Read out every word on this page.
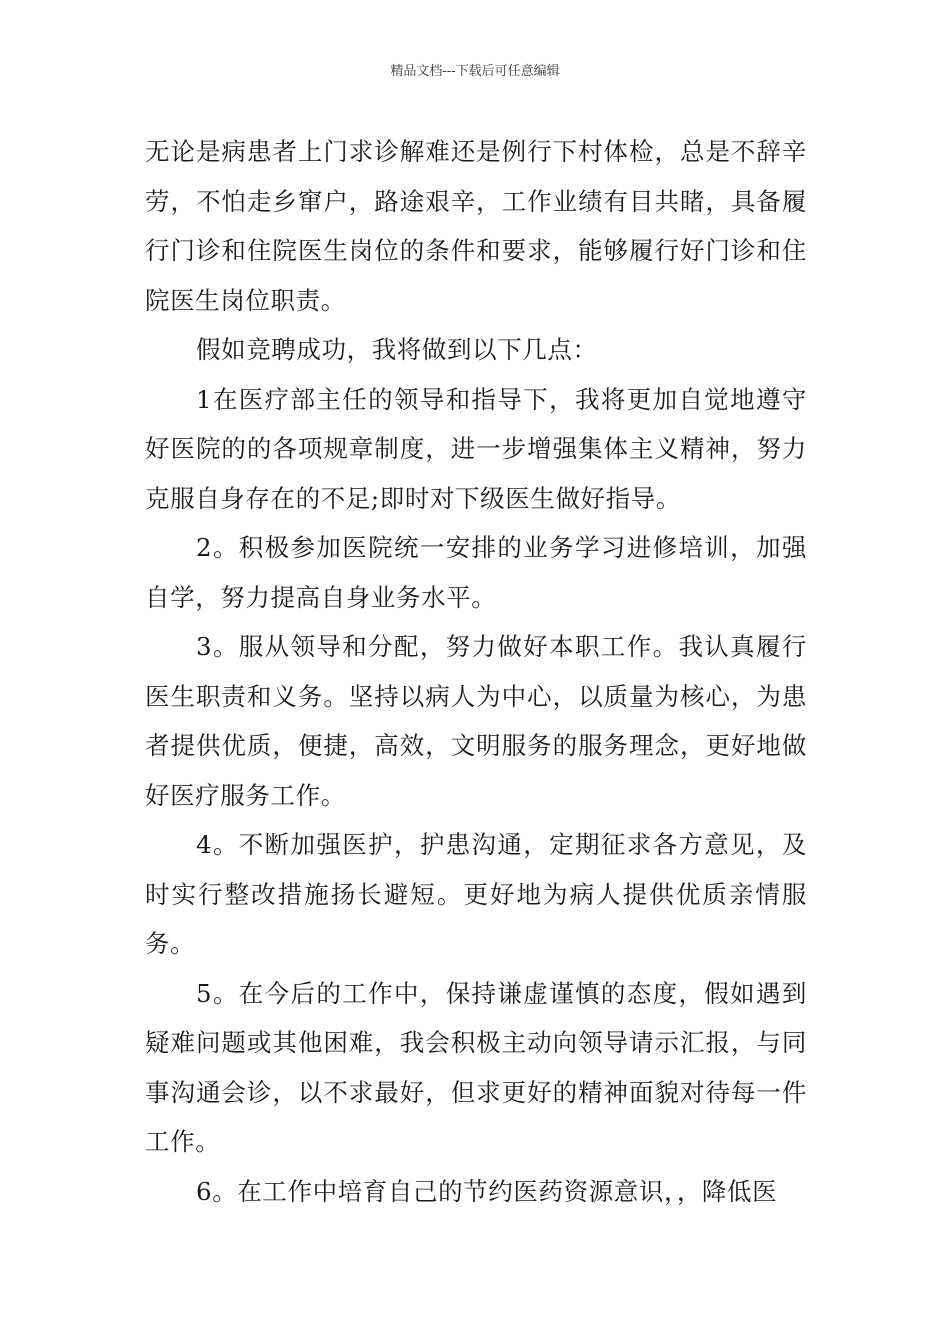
精品文档---下载后可任意编辑

无论是病患者上门求诊解难还是例行下村体检，总是不辞辛劳，不怕走乡窜户，路途艰辛，工作业绩有目共睹，具备履行门诊和住院医生岗位的条件和要求，能够履行好门诊和住院医生岗位职责。

假如竞聘成功，我将做到以下几点：

1在医疗部主任的领导和指导下，我将更加自觉地遵守好医院的的各项规章制度，进一步增强集体主义精神，努力克服自身存在的不足;即时对下级医生做好指导。

2。积极参加医院统一安排的业务学习进修培训，加强自学，努力提高自身业务水平。

3。服从领导和分配，努力做好本职工作。我认真履行医生职责和义务。坚持以病人为中心，以质量为核心，为患者提供优质，便捷，高效，文明服务的服务理念，更好地做好医疗服务工作。

4。不断加强医护，护患沟通，定期征求各方意见，及时实行整改措施扬长避短。更好地为病人提供优质亲情服务。

5。在今后的工作中，保持谦虚谨慎的态度，假如遇到疑难问题或其他困难，我会积极主动向领导请示汇报，与同事沟通会诊，以不求最好，但求更好的精神面貌对待每一件工作。

6。在工作中培育自己的节约医药资源意识，，降低医
